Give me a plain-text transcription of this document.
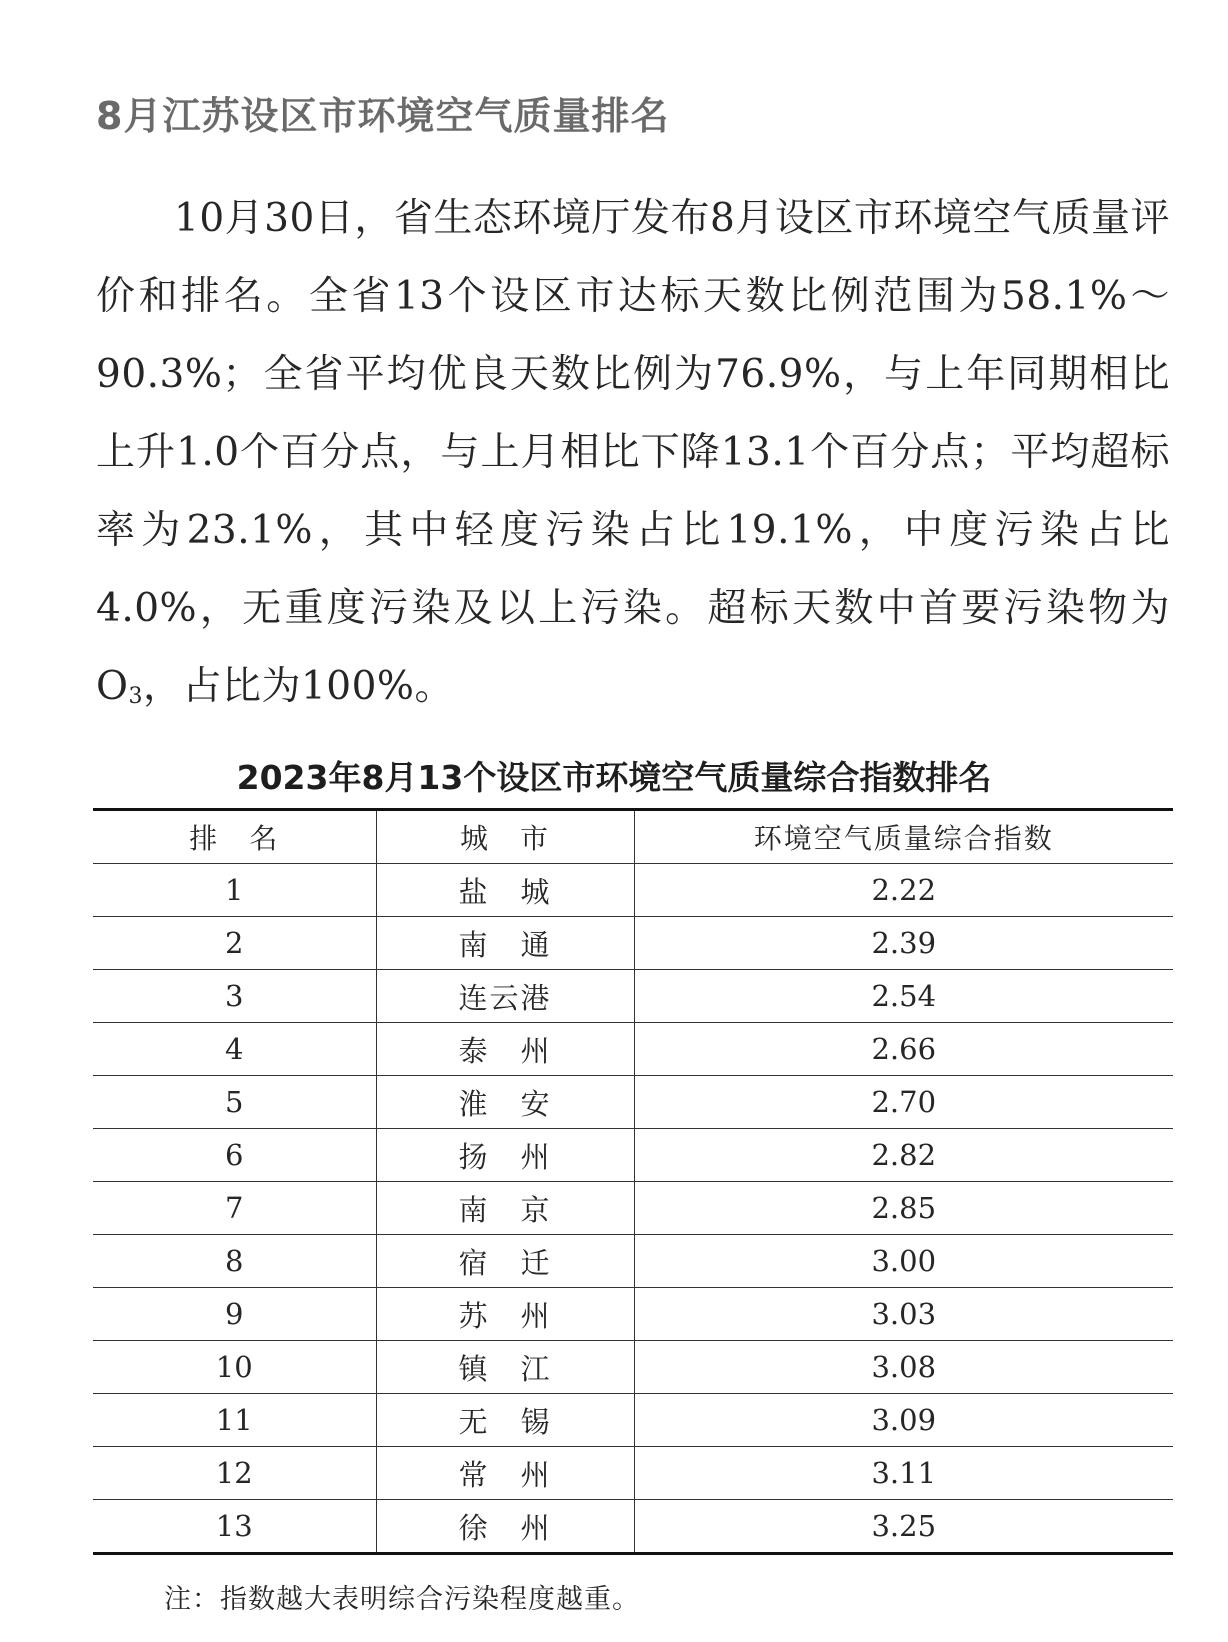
8月江苏设区市环境空气质量排名

10月30日，省生态环境厅发布8月设区市环境空气质量评价和排名。全省13个设区市达标天数比例范围为58.1%～90.3%；全省平均优良天数比例为76.9%，与上年同期相比上升1.0个百分点，与上月相比下降13.1个百分点；平均超标率为23.1%，其中轻度污染占比19.1%，中度污染占比4.0%，无重度污染及以上污染。超标天数中首要污染物为$O_3$，占比为100%。

2023年8月13个设区市环境空气质量综合指数排名
排　名	城　市	环境空气质量综合指数
1	盐　城	2.22
2	南　通	2.39
3	连云港	2.54
4	泰　州	2.66
5	淮　安	2.70
6	扬　州	2.82
7	南　京	2.85
8	宿　迁	3.00
9	苏　州	3.03
10	镇　江	3.08
11	无　锡	3.09
12	常　州	3.11
13	徐　州	3.25

注：指数越大表明综合污染程度越重。
